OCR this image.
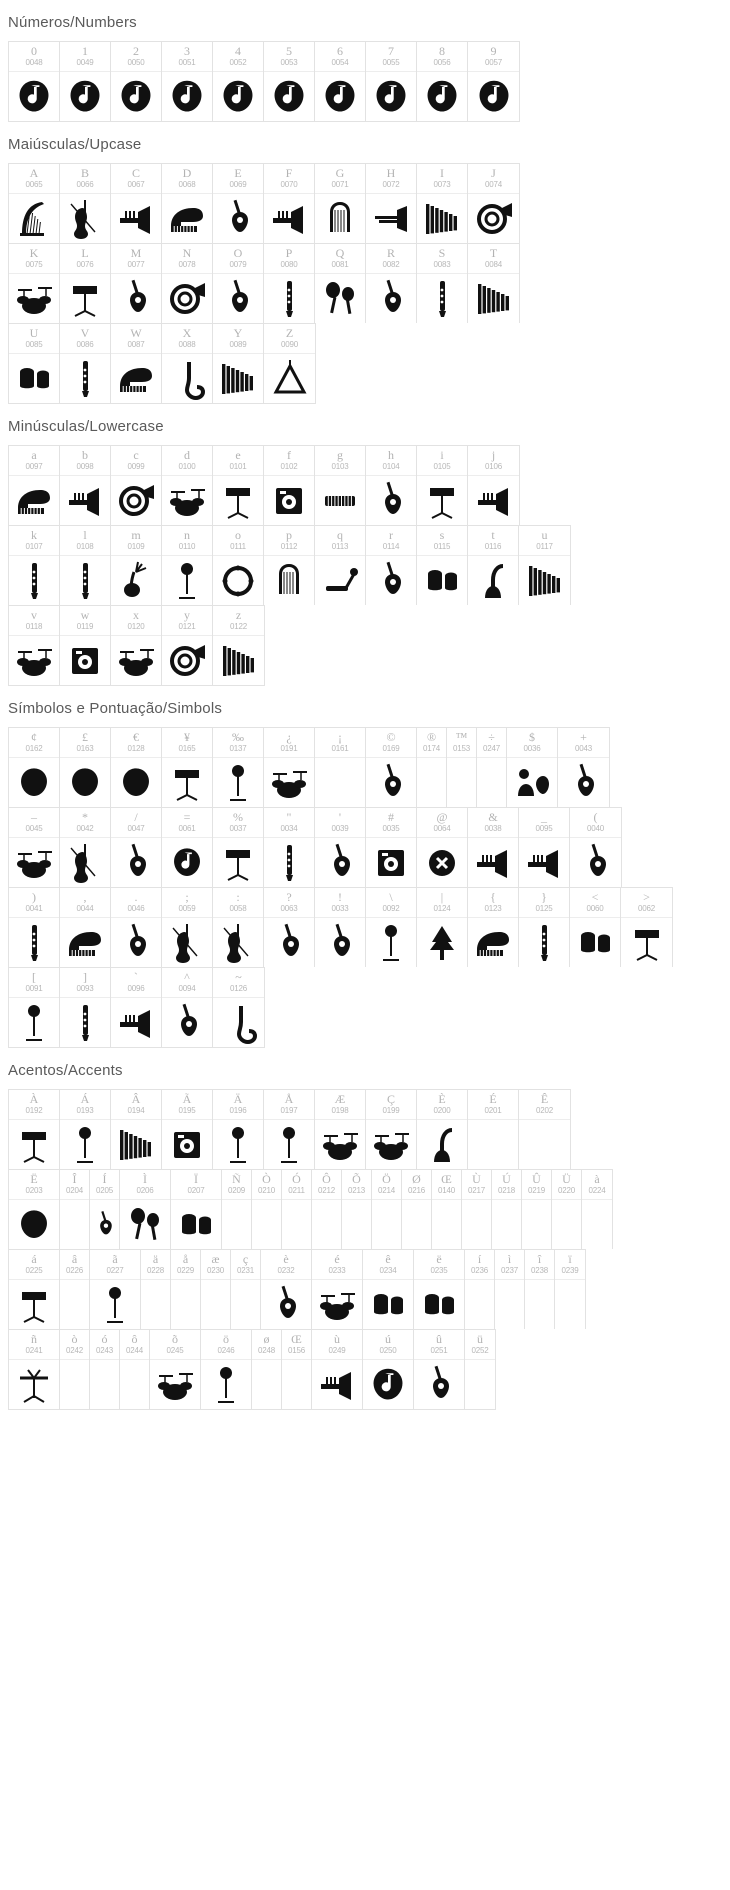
Números/Numbers
0
0048
1
0049
2
0050
3
0051
4
0052
5
0053
6
0054
7
0055
8
0056
9
0057
Maiúsculas/Upcase
A
0065
B
0066
C
0067
D
0068
E
0069
F
0070
G
0071
H
0072
I
0073
J
0074
K
0075
L
0076
M
0077
N
0078
O
0079
P
0080
Q
0081
R
0082
S
0083
T
0084
U
0085
V
0086
W
0087
X
0088
Y
0089
Z
0090
Minúsculas/Lowercase
a
0097
b
0098
c
0099
d
0100
e
0101
f
0102
g
0103
h
0104
i
0105
j
0106
k
0107
l
0108
m
0109
n
0110
o
0111
p
0112
q
0113
r
0114
s
0115
t
0116
u
0117
v
0118
w
0119
x
0120
y
0121
z
0122
Símbolos e Pontuação/Simbols
¢
0162
£
0163
€
0128
¥
0165
‰
0137
¿
0191
¡
0161
©
0169
®
0174
™
0153
÷
0247
$
0036
+
0043
–
0045
*
0042
/
0047
=
0061
%
0037
"
0034
'
0039
#
0035
@
0064
&
0038
_
0095
(
0040
)
0041
,
0044
.
0046
;
0059
:
0058
?
0063
!
0033
\
0092
|
0124
{
0123
}
0125
<
0060
>
0062
[
0091
]
0093
`
0096
^
0094
~
0126
Acentos/Accents
À
0192
Á
0193
Â
0194
Ã
0195
Ä
0196
Å
0197
Æ
0198
Ç
0199
È
0200
É
0201
Ê
0202
Ë
0203
Î
0204
Í
0205
Ì
0206
Ï
0207
Ñ
0209
Ò
0210
Ó
0211
Ô
0212
Õ
0213
Ö
0214
Ø
0216
Œ
0140
Ù
0217
Ú
0218
Û
0219
Ü
0220
à
0224
á
0225
â
0226
ã
0227
ä
0228
å
0229
æ
0230
ç
0231
è
0232
é
0233
ê
0234
ë
0235
í
0236
ì
0237
î
0238
ï
0239
ñ
0241
ò
0242
ó
0243
ô
0244
õ
0245
ö
0246
ø
0248
Œ
0156
ù
0249
ú
0250
û
0251
ü
0252
